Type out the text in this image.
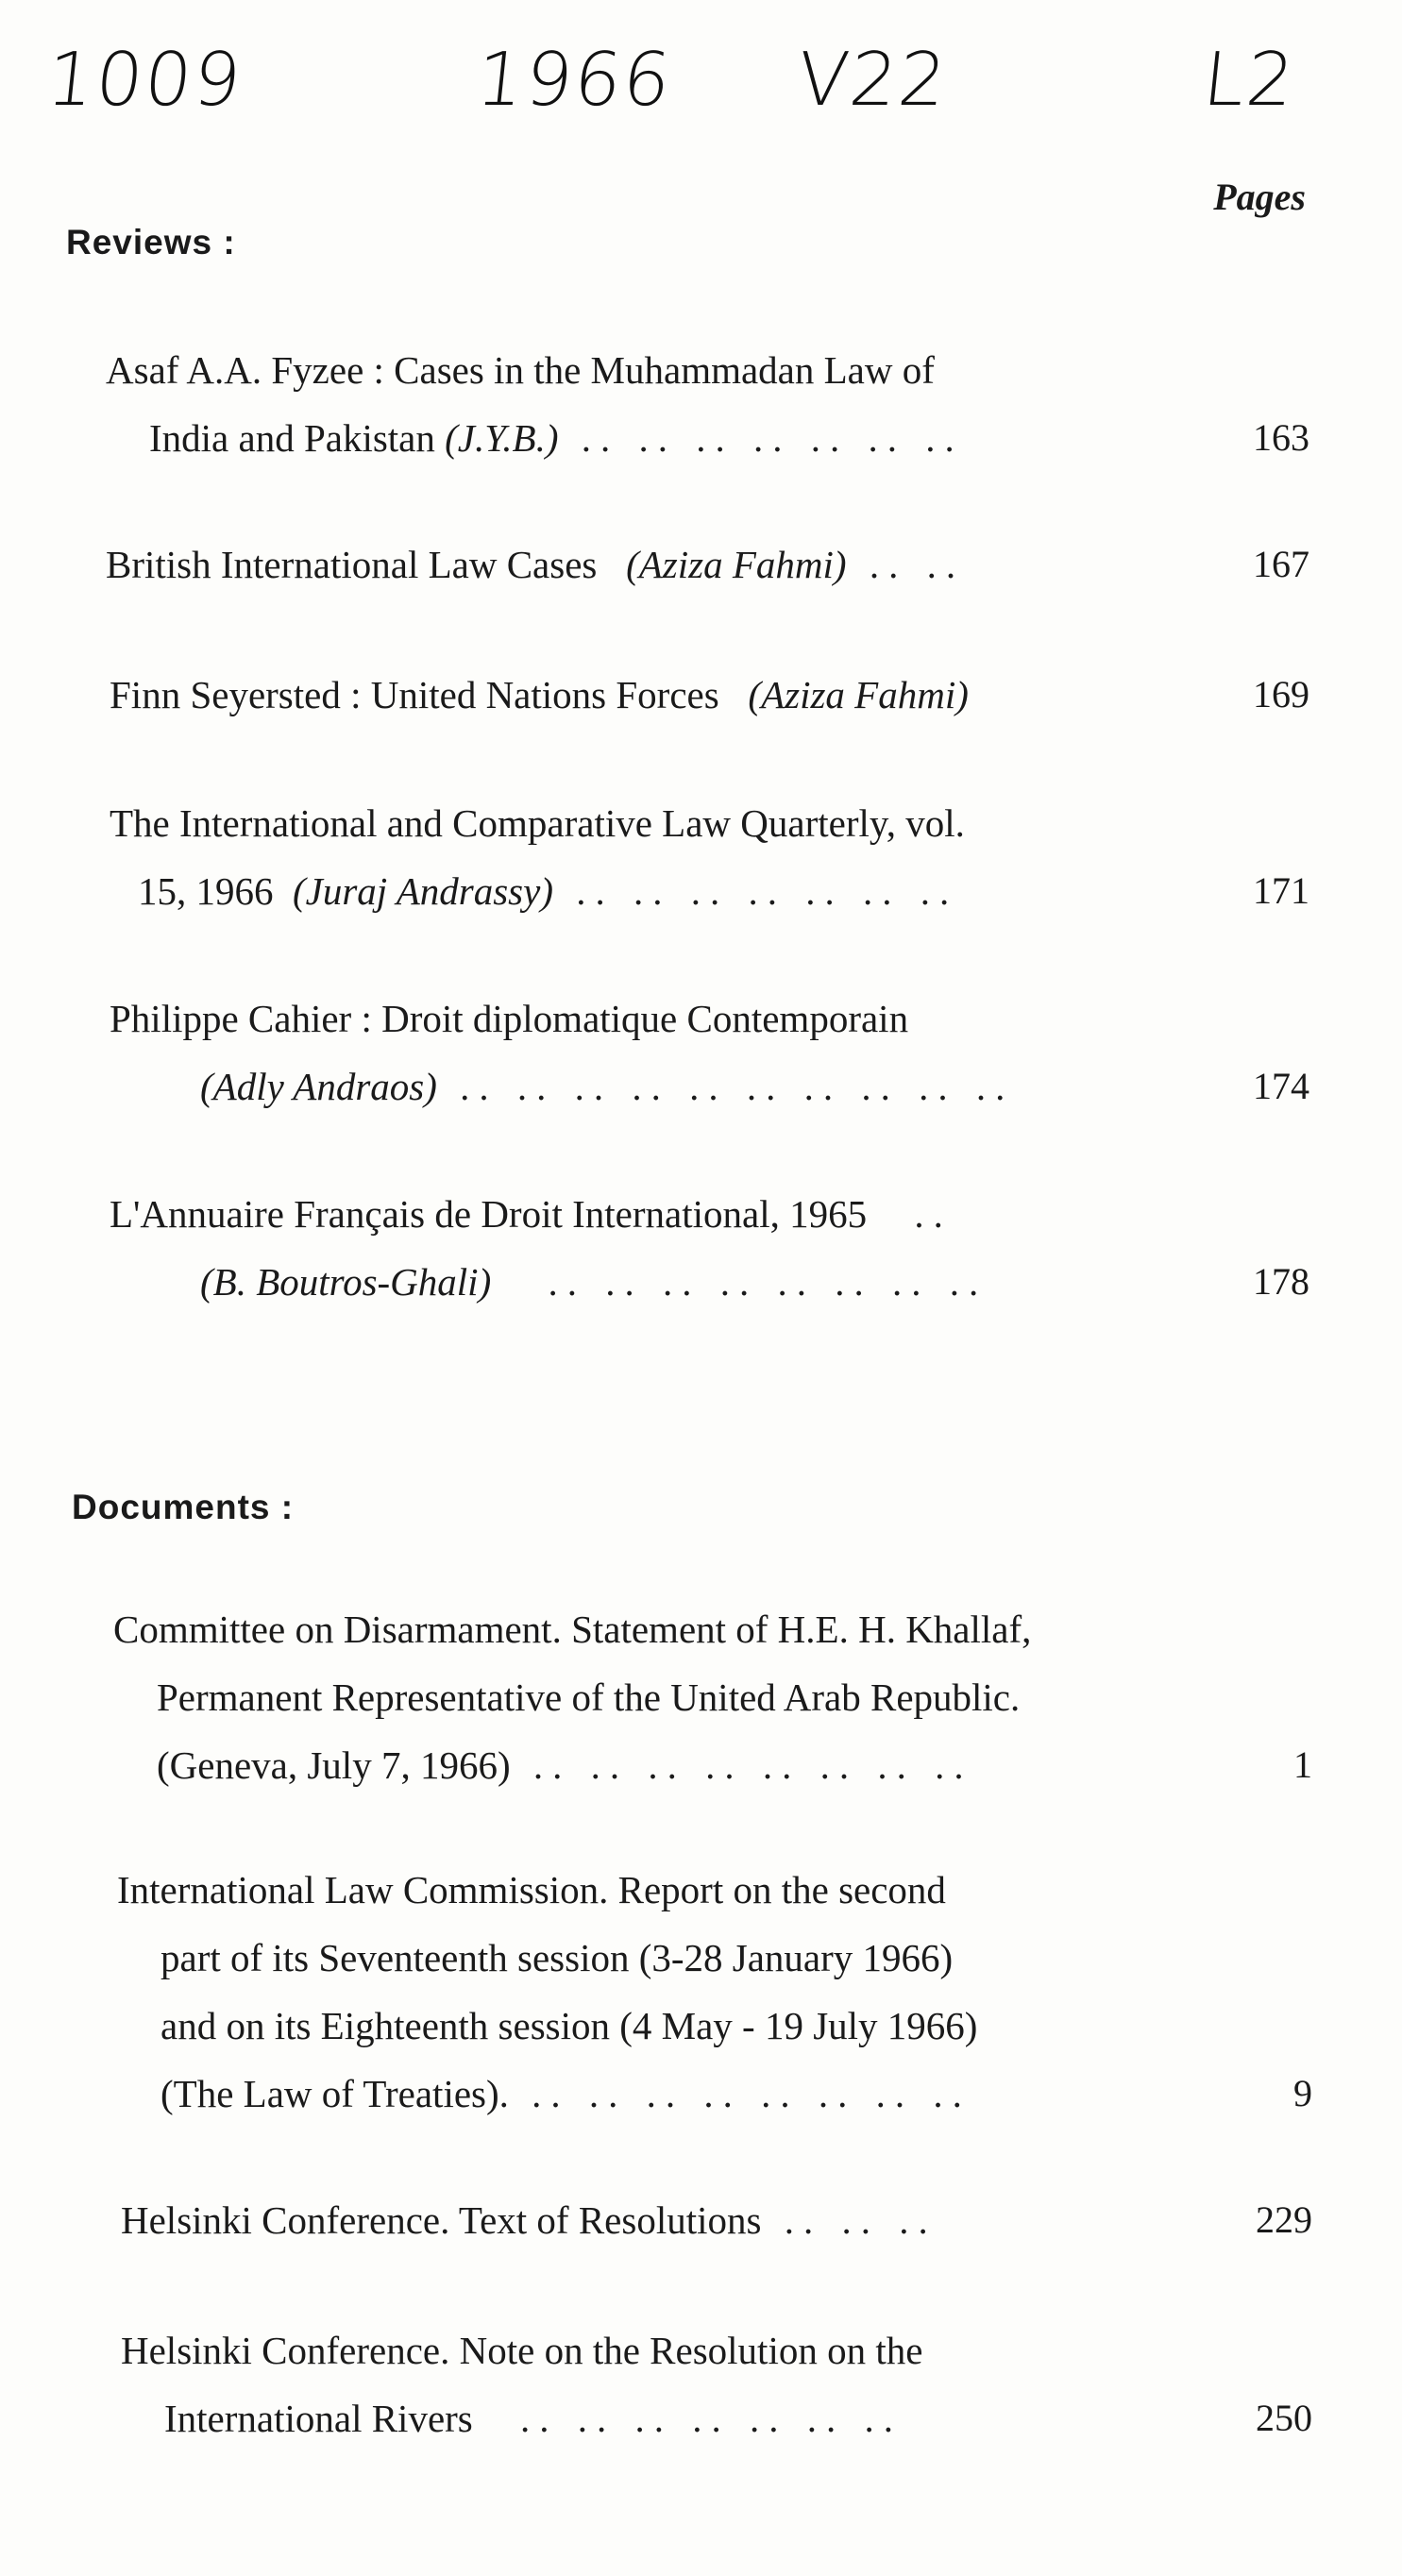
1009	1966 V22	L2
Pages
Reviews :
Asaf A.A. Fyzee : Cases in the Muhammadan Law of
India and Pakistan (J.Y.B.) .. .. .. .. .. .. ..	163
British International Law Cases (Aziza Fahmi) .. ..	167
Finn Seyersted : United Nations Forces (Aziza Fahmi)	169
The International and Comparative Law Quarterly, vol.
15, 1966 (Juraj Andrassy) .. .. .. .. .. .. ..	171
Philippe Cahier : Droit diplomatique Contemporain
(Adly Andraos) .. .. .. .. .. .. .. .. .. ..	174
L'Annuaire Français de Droit International, 1965 ..
(B. Boutros-Ghali) .. .. .. .. .. .. .. ..	178
Documents :
Committee on Disarmament. Statement of H.E. H. Khallaf,
Permanent Representative of the United Arab Republic.
(Geneva, July 7, 1966) .. .. .. .. .. .. .. ..	1
International Law Commission. Report on the second
part of its Seventeenth session (3-28 January 1966)
and on its Eighteenth session (4 May - 19 July 1966)
(The Law of Treaties). .. .. .. .. .. .. .. ..	9
Helsinki Conference. Text of Resolutions .. .. ..	229
Helsinki Conference. Note on the Resolution on the
International Rivers .. .. .. .. .. .. ..	250
